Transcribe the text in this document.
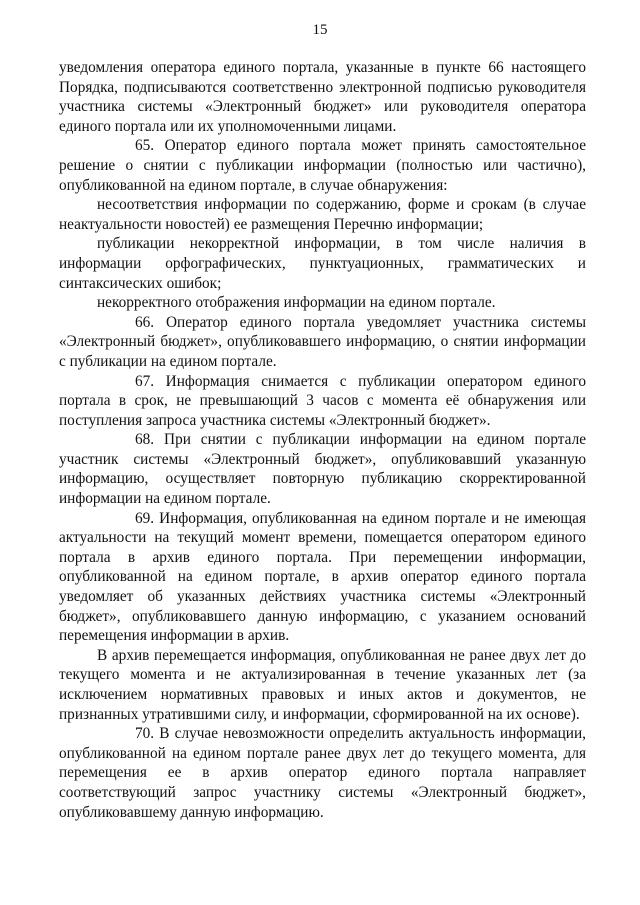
15

уведомления оператора единого портала, указанные в пункте 66 настоящего Порядка, подписываются соответственно электронной подписью руководителя участника системы «Электронный бюджет» или руководителя оператора единого портала или их уполномоченными лицами.

65. Оператор единого портала может принять самостоятельное решение о снятии с публикации информации (полностью или частично), опубликованной на едином портале, в случае обнаружения:

несоответствия информации по содержанию, форме и срокам (в случае неактуальности новостей) ее размещения Перечню информации;

публикации некорректной информации, в том числе наличия в информации орфографических, пунктуационных, грамматических и синтаксических ошибок;

некорректного отображения информации на едином портале.

66. Оператор единого портала уведомляет участника системы «Электронный бюджет», опубликовавшего информацию, о снятии информации с публикации на едином портале.

67. Информация снимается с публикации оператором единого портала в срок, не превышающий 3 часов с момента её обнаружения или поступления запроса участника системы «Электронный бюджет».

68. При снятии с публикации информации на едином портале участник системы «Электронный бюджет», опубликовавший указанную информацию, осуществляет повторную публикацию скорректированной информации на едином портале.

69. Информация, опубликованная на едином портале и не имеющая актуальности на текущий момент времени, помещается оператором единого портала в архив единого портала. При перемещении информации, опубликованной на едином портале, в архив оператор единого портала уведомляет об указанных действиях участника системы «Электронный бюджет», опубликовавшего данную информацию, с указанием оснований перемещения информации в архив.

В архив перемещается информация, опубликованная не ранее двух лет до текущего момента и не актуализированная в течение указанных лет (за исключением нормативных правовых и иных актов и документов, не признанных утратившими силу, и информации, сформированной на их основе).

70. В случае невозможности определить актуальность информации, опубликованной на едином портале ранее двух лет до текущего момента, для перемещения ее в архив оператор единого портала направляет соответствующий запрос участнику системы «Электронный бюджет», опубликовавшему данную информацию.
